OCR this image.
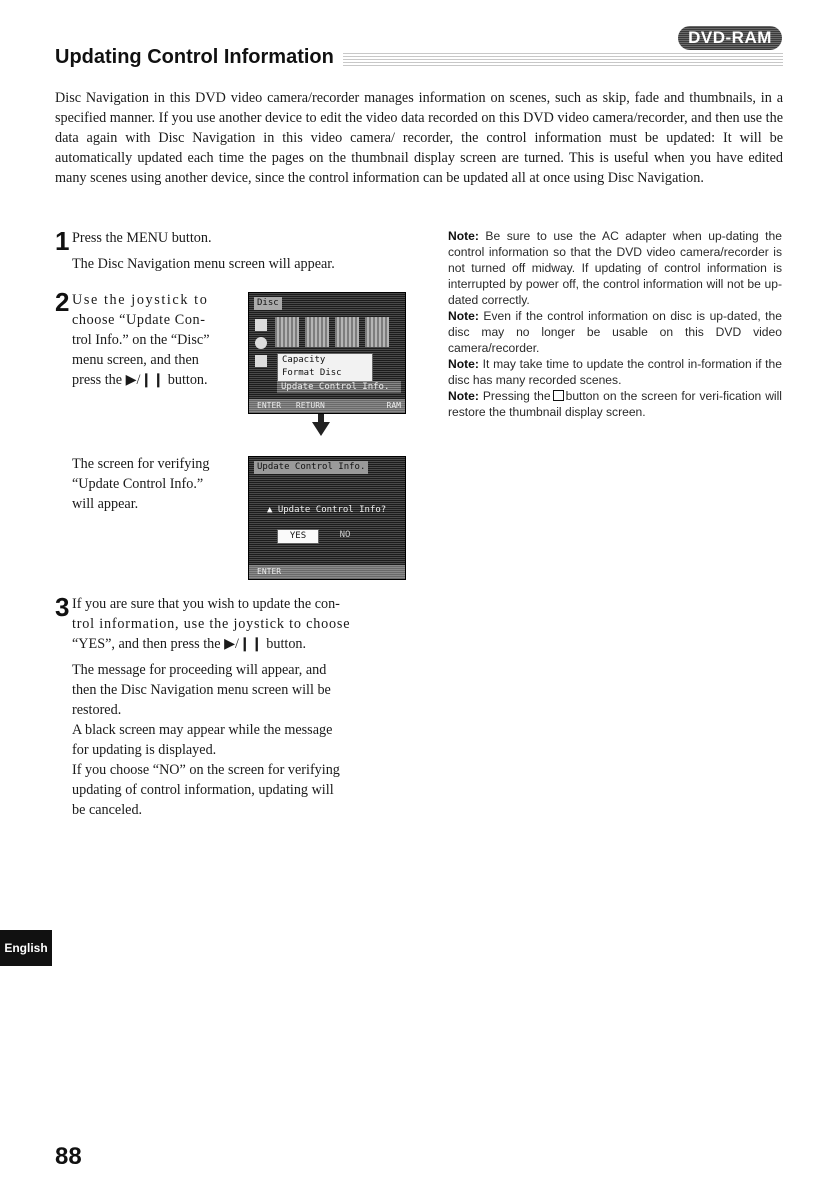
Updating Control Information
DVD-RAM

Disc Navigation in this DVD video camera/recorder manages information on scenes, such as skip, fade and thumbnails, in a specified manner. If you use another device to edit the video data recorded on this DVD video camera/recorder, and then use the data again with Disc Navigation in this video camera/ recorder, the control information must be updated: It will be automatically updated each time the pages on the thumbnail display screen are turned. This is useful when you have edited many scenes using another device, since the control information can be updated all at once using Disc Navigation.

1 Press the MENU button.

The Disc Navigation menu screen will appear.

2 Use the joystick to

choose “Update Con-

trol Info.” on the “Disc”

menu screen, and then

press the ▶/❙❙ button.

Disc
Capacity
Format Disc
Update Control Info.
ENTER RETURN	RAM

The screen for verifying

“Update Control Info.”

will appear.

Update Control Info.
▲ Update Control Info?
YES	NO
ENTER
3 If you are sure that you wish to update the con-

trol information, use the joystick to choose

“YES”, and then press the ▶/❙❙ button.

The message for proceeding will appear, and

then the Disc Navigation menu screen will be

restored.

A black screen may appear while the message

for updating is displayed.

If you choose “NO” on the screen for verifying

updating of control information, updating will

be canceled.

Note: Be sure to use the AC adapter when up-dating the control information so that the DVD video camera/recorder is not turned off midway. If updating of control information is interrupted by power off, the control information will not be up-dated correctly.

Note: Even if the control information on disc is up-dated, the disc may no longer be usable on this DVD video camera/recorder.

Note: It may take time to update the control in-formation if the disc has many recorded scenes.

Note: Pressing the button on the screen for veri-fication will restore the thumbnail display screen.

English
88
